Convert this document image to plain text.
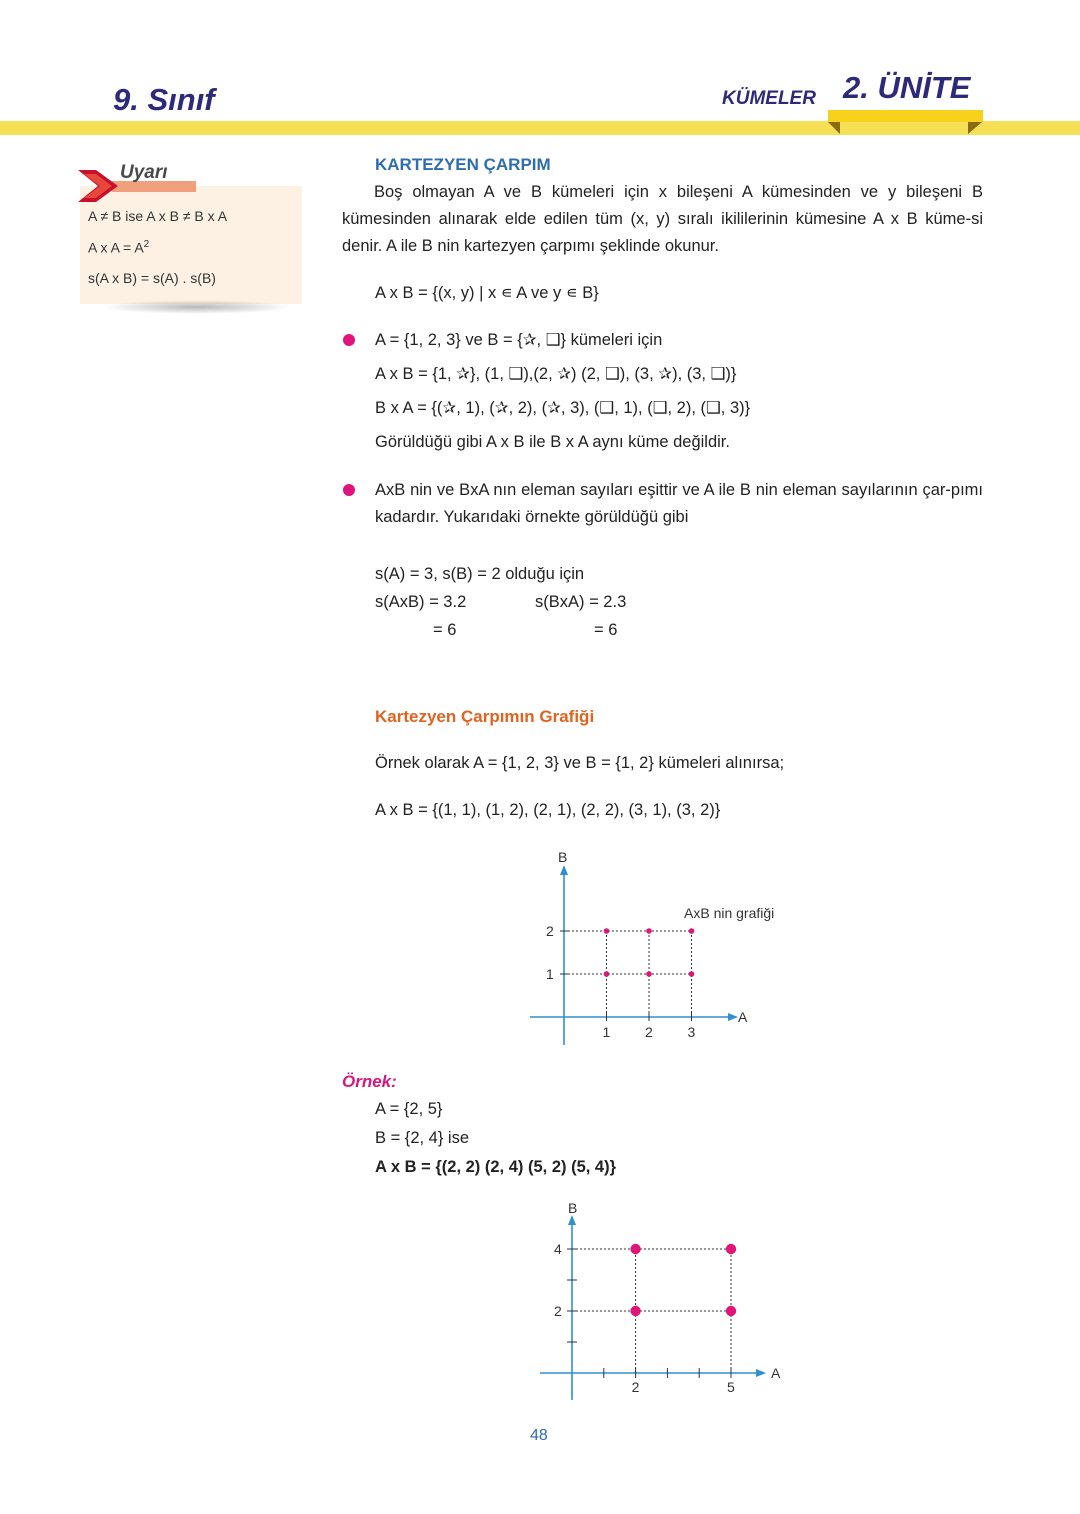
9. Sınıf	KÜMELER 2. ÜNİTE
Uyarı
A ≠ B ise A x B ≠ B x A
A x $A = A^2$
s(A x B) = s(A) . s(B)
KARTEZYEN ÇARPIM

Boş olmayan A ve B kümeleri için x bileşeni A kümesinden ve y bileşeni B kümesinden alınarak elde edilen tüm (x, y) sıralı ikililerinin kümesine A x B küme-si denir. A ile B nin kartezyen çarpımı şeklinde okunur.

A x B = {(x, y) | x ∊ A ve y ∊ B}
A = {1, 2, 3} ve B = {✰, ❑} kümeleri için
A x B = {1, ✰}, (1, ❑),(2, ✰) (2, ❑), (3, ✰), (3, ❑)}
B x A = {(✰, 1), (✰, 2), (✰, 3), (❑, 1), (❑, 2), (❑, 3)}
Görüldüğü gibi A x B ile B x A aynı küme değildir.

AxB nin ve BxA nın eleman sayıları eşittir ve A ile B nin eleman sayılarının çar-pımı kadardır. Yukarıdaki örnekte görüldüğü gibi

s(A) = 3, s(B) = 2 olduğu için
s(AxB) = 3.2
= 6
s(BxA) = 2.3
= 6
Kartezyen Çarpımın Grafiği
Örnek olarak A = {1, 2, 3} ve B = {1, 2} kümeleri alınırsa;
A x B = {(1, 1), (1, 2), (2, 1), (2, 2), (3, 1), (3, 2)}
A
B
1 2 3
1
2
AxB nin grafiği
Örnek:
A = {2, 5}
B = {2, 4} ise
A x B = {(2, 2) (2, 4) (5, 2) (5, 4)}
A
B
2	5
2
4
48
